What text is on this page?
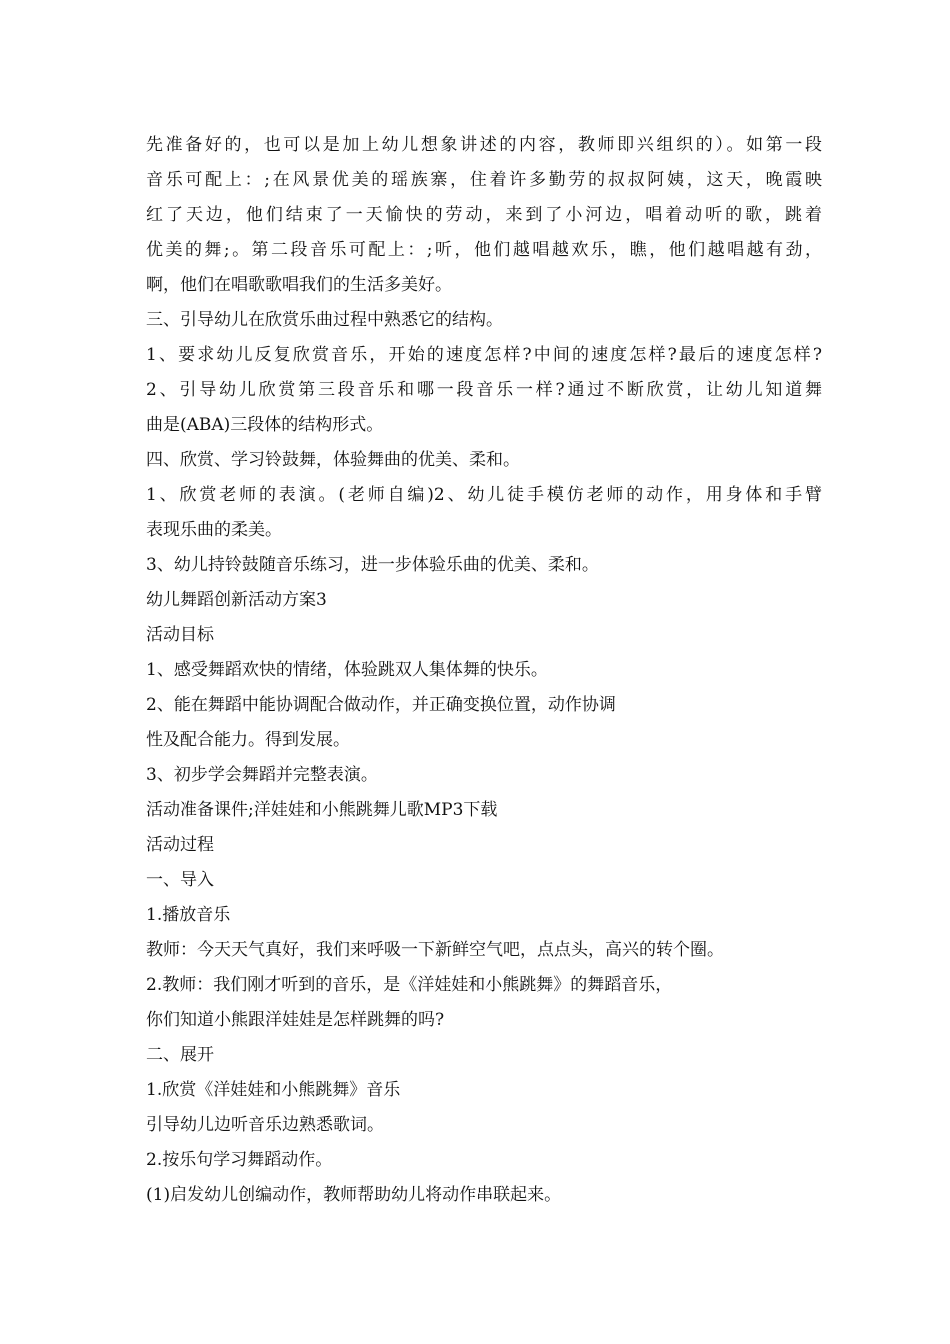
先准备好的，也可以是加上幼儿想象讲述的内容，教师即兴组织的）。如第一段

音乐可配上：;在风景优美的瑶族寨，住着许多勤劳的叔叔阿姨，这天，晚霞映

红了天边，他们结束了一天愉快的劳动，来到了小河边，唱着动听的歌，跳着

优美的舞;。第二段音乐可配上：;听，他们越唱越欢乐，瞧，他们越唱越有劲，

啊，他们在唱歌歌唱我们的生活多美好。

三、引导幼儿在欣赏乐曲过程中熟悉它的结构。

1、要求幼儿反复欣赏音乐，开始的速度怎样?中间的速度怎样?最后的速度怎样?

2、引导幼儿欣赏第三段音乐和哪一段音乐一样?通过不断欣赏，让幼儿知道舞

曲是(ABA)三段体的结构形式。

四、欣赏、学习铃鼓舞，体验舞曲的优美、柔和。

1、欣赏老师的表演。(老师自编)2、幼儿徒手模仿老师的动作，用身体和手臂

表现乐曲的柔美。

3、幼儿持铃鼓随音乐练习，进一步体验乐曲的优美、柔和。

幼儿舞蹈创新活动方案3

活动目标

1、感受舞蹈欢快的情绪，体验跳双人集体舞的快乐。

2、能在舞蹈中能协调配合做动作，并正确变换位置，动作协调

性及配合能力。得到发展。

3、初步学会舞蹈并完整表演。

活动准备课件;洋娃娃和小熊跳舞儿歌MP3下载

活动过程

一、导入

1.播放音乐

教师：今天天气真好，我们来呼吸一下新鲜空气吧，点点头，高兴的转个圈。

2.教师：我们刚才听到的音乐，是《洋娃娃和小熊跳舞》的舞蹈音乐，

你们知道小熊跟洋娃娃是怎样跳舞的吗?

二、展开

1.欣赏《洋娃娃和小熊跳舞》音乐

引导幼儿边听音乐边熟悉歌词。

2.按乐句学习舞蹈动作。

(1)启发幼儿创编动作，教师帮助幼儿将动作串联起来。
